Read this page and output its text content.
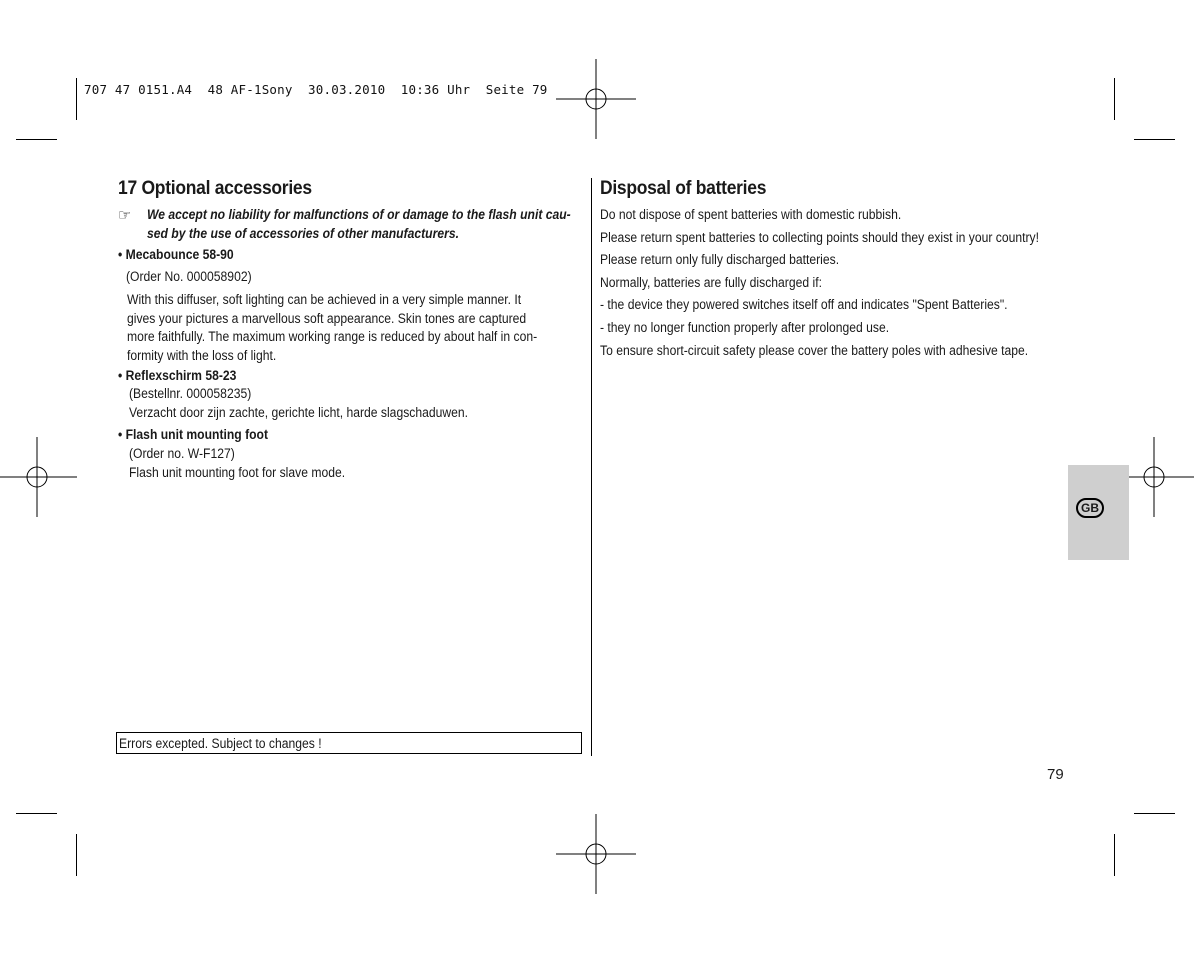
707 47 0151.A4  48 AF-1Sony  30.03.2010  10:36 Uhr  Seite 79
17 Optional accessories
☞ We accept no liability for malfunctions of or damage to the flash unit cau-

sed by the use of accessories of other manufacturers.

• Mecabounce 58-90

(Order No. 000058902)

With this diffuser, soft lighting can be achieved in a very simple manner. It

gives your pictures a marvellous soft appearance. Skin tones are captured

more faithfully. The maximum working range is reduced by about half in con-

formity with the loss of light.

• Reflexschirm 58-23

(Bestellnr. 000058235)

Verzacht door zijn zachte, gerichte licht, harde slagschaduwen.

• Flash unit mounting foot

(Order no. W-F127)

Flash unit mounting foot for slave mode.

Errors excepted. Subject to changes !
Disposal of batteries

Do not dispose of spent batteries with domestic rubbish.

Please return spent batteries to collecting points should they exist in your country!

Please return only fully discharged batteries.

Normally, batteries are fully discharged if:

- the device they powered switches itself off and indicates "Spent Batteries".

- they no longer function properly after prolonged use.

To ensure short-circuit safety please cover the battery poles with adhesive tape.

GB
79
